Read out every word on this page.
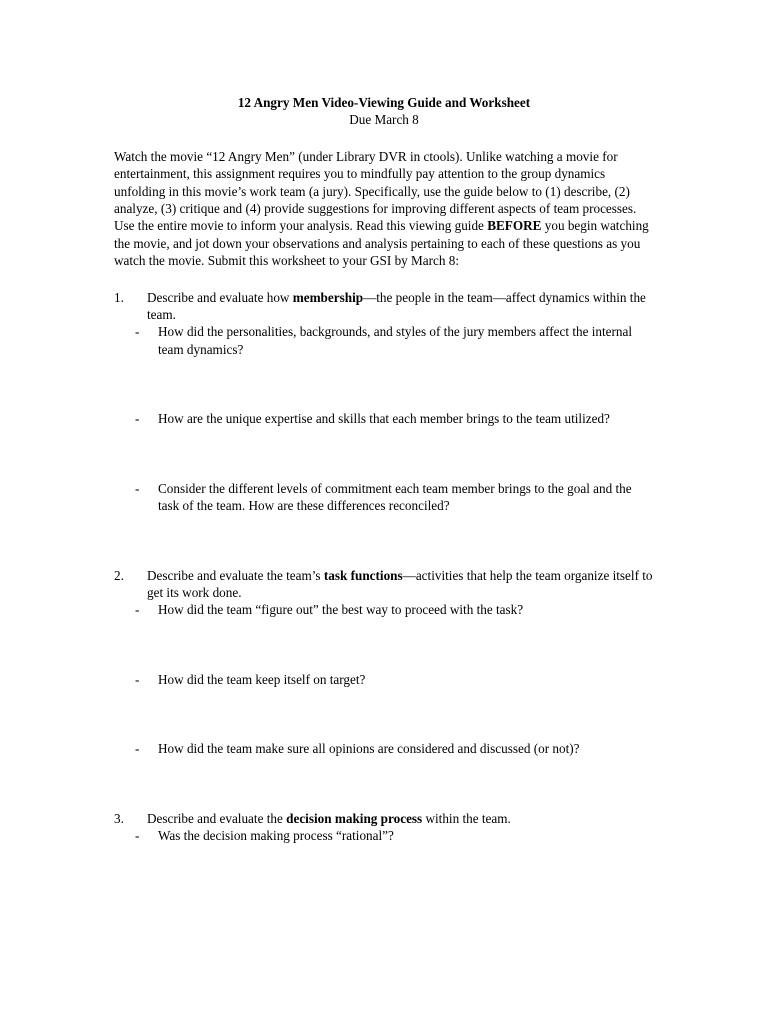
12 Angry Men Video-Viewing Guide and Worksheet

Due March 8

Watch the movie “12 Angry Men” (under Library DVR in ctools). Unlike watching a movie for entertainment, this assignment requires you to mindfully pay attention to the group dynamics unfolding in this movie’s work team (a jury). Specifically, use the guide below to (1) describe, (2) analyze, (3) critique and (4) provide suggestions for improving different aspects of team processes. Use the entire movie to inform your analysis. Read this viewing guide BEFORE you begin watching the movie, and jot down your observations and analysis pertaining to each of these questions as you watch the movie. Submit this worksheet to your GSI by March 8:

1. Describe and evaluate how membership—the people in the team—affect dynamics within the team.

- How did the personalities, backgrounds, and styles of the jury members affect the internal team dynamics?

- How are the unique expertise and skills that each member brings to the team utilized?

- Consider the different levels of commitment each team member brings to the goal and the task of the team. How are these differences reconciled?

2. Describe and evaluate the team’s task functions—activities that help the team organize itself to get its work done.

- How did the team “figure out” the best way to proceed with the task?

- How did the team keep itself on target?

- How did the team make sure all opinions are considered and discussed (or not)?

3. Describe and evaluate the decision making process within the team.

- Was the decision making process “rational”?
